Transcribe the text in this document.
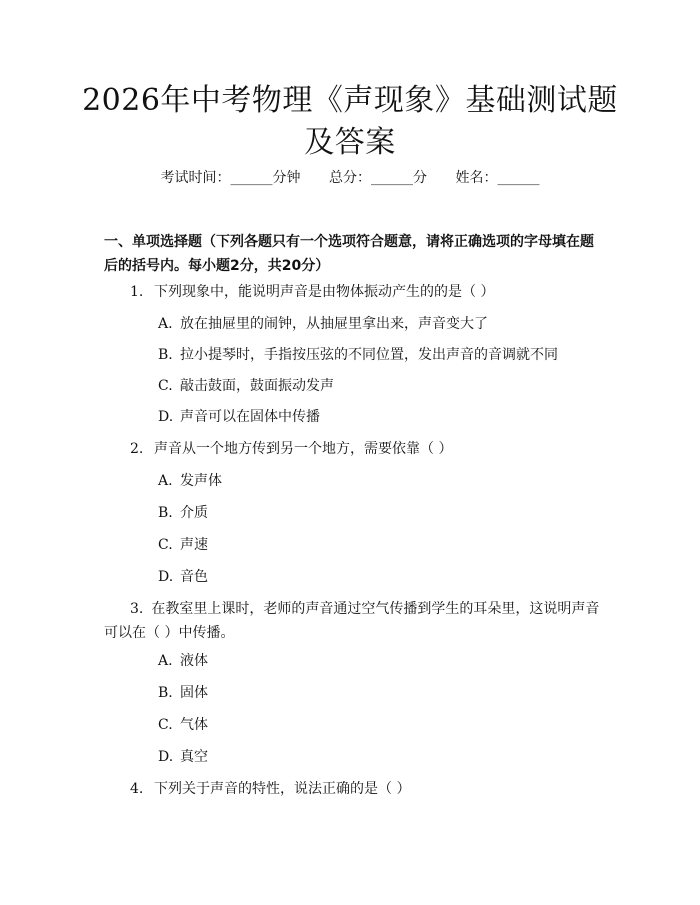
2026年中考物理《声现象》基础测试题及答案
考试时间：______分钟 总分：______分 姓名：______
一、单项选择题（下列各题只有一个选项符合题意，请将正确选项的字母填在题后的括号内。每小题2分，共20分）
1. 下列现象中，能说明声音是由物体振动产生的的是（ ）
A. 放在抽屉里的闹钟，从抽屉里拿出来，声音变大了
B. 拉小提琴时，手指按压弦的不同位置，发出声音的音调就不同
C. 敲击鼓面，鼓面振动发声
D. 声音可以在固体中传播
2. 声音从一个地方传到另一个地方，需要依靠（ ）
A. 发声体
B. 介质
C. 声速
D. 音色
3. 在教室里上课时，老师的声音通过空气传播到学生的耳朵里，这说明声音可以在（ ）中传播。
A. 液体
B. 固体
C. 气体
D. 真空
4. 下列关于声音的特性，说法正确的是（ ）
